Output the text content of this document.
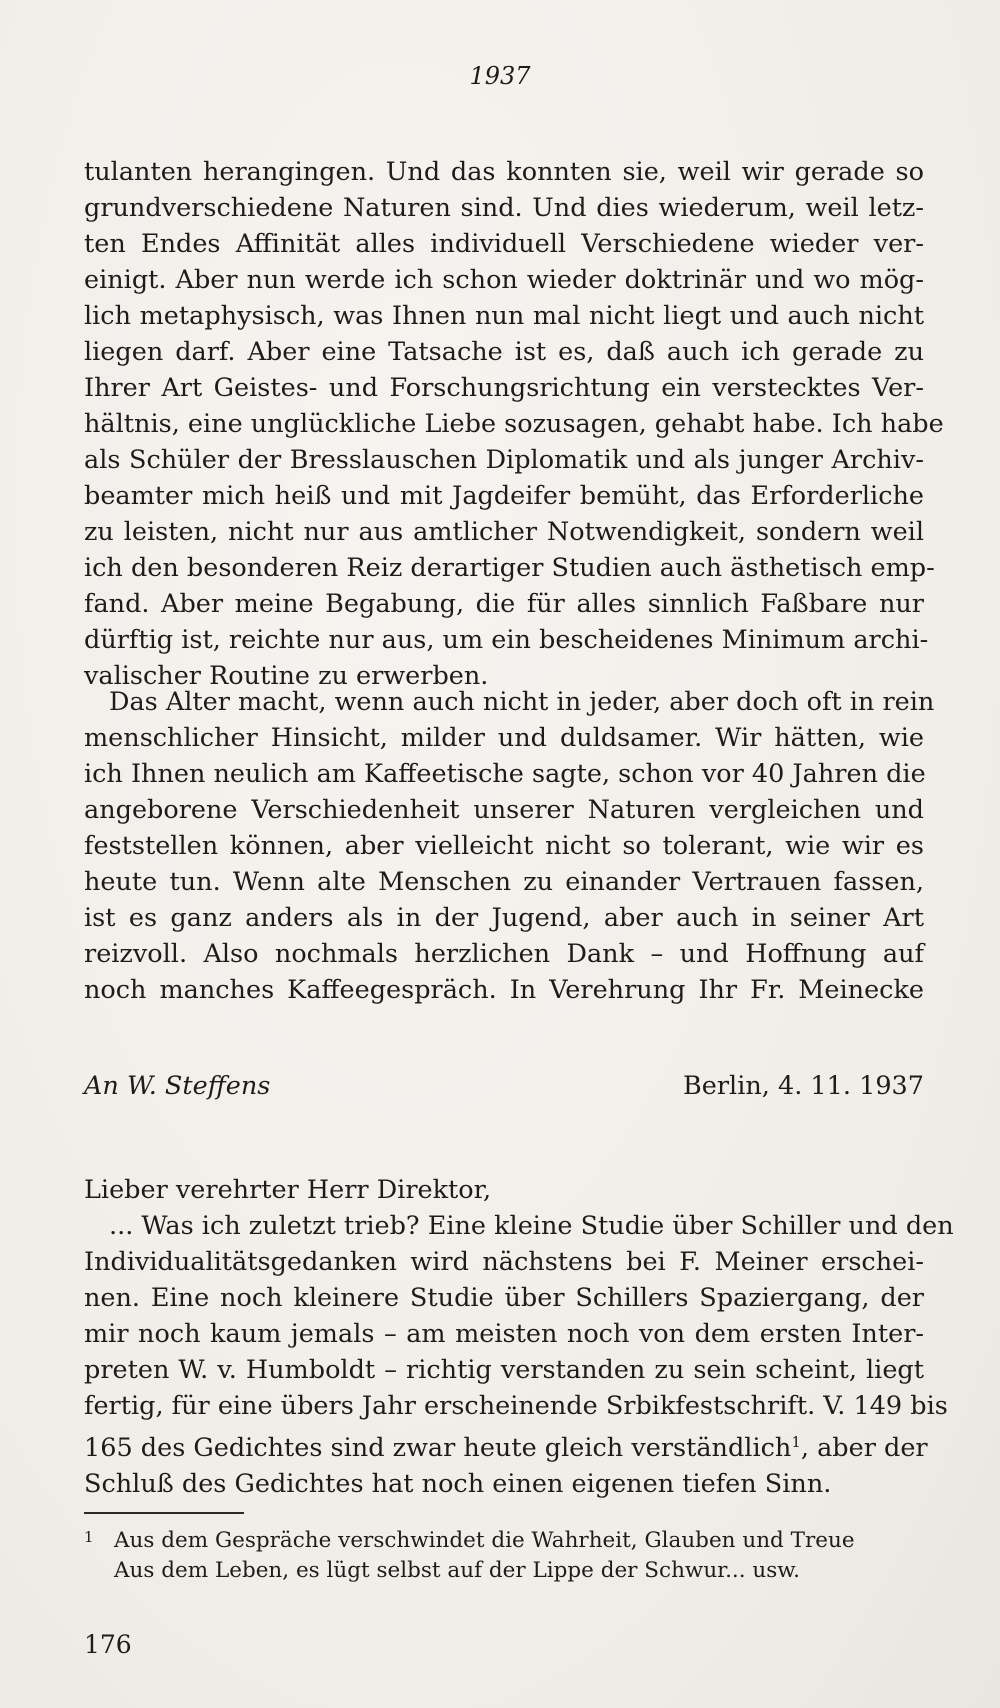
1937
tulanten herangingen. Und das konnten sie, weil wir gerade so
grundverschiedene Naturen sind. Und dies wiederum, weil letz-
ten Endes Affinität alles individuell Verschiedene wieder ver-
einigt. Aber nun werde ich schon wieder doktrinär und wo mög-
lich metaphysisch, was Ihnen nun mal nicht liegt und auch nicht
liegen darf. Aber eine Tatsache ist es, daß auch ich gerade zu
Ihrer Art Geistes- und Forschungsrichtung ein verstecktes Ver-
hältnis, eine unglückliche Liebe sozusagen, gehabt habe. Ich habe
als Schüler der Bresslauschen Diplomatik und als junger Archiv-
beamter mich heiß und mit Jagdeifer bemüht, das Erforderliche
zu leisten, nicht nur aus amtlicher Notwendigkeit, sondern weil
ich den besonderen Reiz derartiger Studien auch ästhetisch emp-
fand. Aber meine Begabung, die für alles sinnlich Faßbare nur
dürftig ist, reichte nur aus, um ein bescheidenes Minimum archi-
valischer Routine zu erwerben.
Das Alter macht, wenn auch nicht in jeder, aber doch oft in rein
menschlicher Hinsicht, milder und duldsamer. Wir hätten, wie
ich Ihnen neulich am Kaffeetische sagte, schon vor 40 Jahren die
angeborene Verschiedenheit unserer Naturen vergleichen und
feststellen können, aber vielleicht nicht so tolerant, wie wir es
heute tun. Wenn alte Menschen zu einander Vertrauen fassen,
ist es ganz anders als in der Jugend, aber auch in seiner Art
reizvoll. Also nochmals herzlichen Dank – und Hoffnung auf
noch manches Kaffeegespräch. In Verehrung Ihr Fr. Meinecke
An W. Steffens	Berlin, 4. 11. 1937
Lieber verehrter Herr Direktor,
... Was ich zuletzt trieb? Eine kleine Studie über Schiller und den
Individualitätsgedanken wird nächstens bei F. Meiner erschei-
nen. Eine noch kleinere Studie über Schillers Spaziergang, der
mir noch kaum jemals – am meisten noch von dem ersten Inter-
preten W. v. Humboldt – richtig verstanden zu sein scheint, liegt
fertig, für eine übers Jahr erscheinende Srbikfestschrift. V. 149 bis
165 des Gedichtes sind zwar heute gleich verständlich$^1$, aber der
Schluß des Gedichtes hat noch einen eigenen tiefen Sinn.
1 Aus dem Gespräche verschwindet die Wahrheit, Glauben und Treue
Aus dem Leben, es lügt selbst auf der Lippe der Schwur... usw.
176
